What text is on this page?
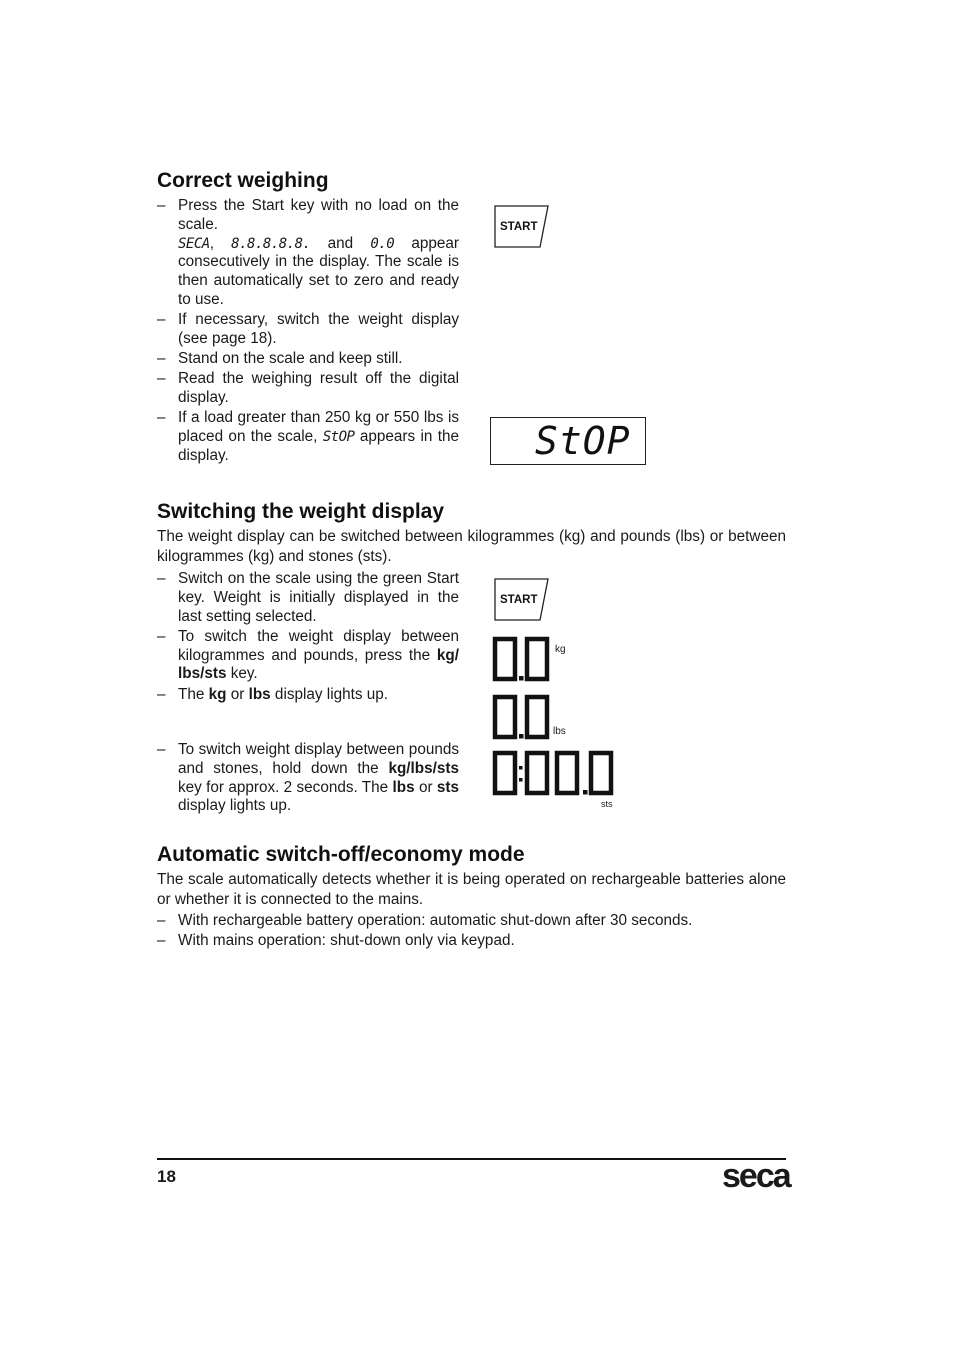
Correct weighing
– Press the Start key with no load on the scale.
SECA, 8.8.8.8.8. and 0.0 appear consecutively in the display. The scale is then automatically set to zero and ready to use.
– If necessary, switch the weight display (see page 18).
– Stand on the scale and keep still.
– Read the weighing result off the digital display.
– If a load greater than 250 kg or 550 lbs is placed on the scale, StOP appears in the display.
START
StOP
Switching the weight display
The weight display can be switched between kilogrammes (kg) and pounds (lbs) or between kilogrammes (kg) and stones (sts).
– Switch on the scale using the green Start key. Weight is initially displayed in the last setting selected.
– To switch the weight display between kilogrammes and pounds, press the kg/ lbs/sts key.
– The kg or lbs display lights up.
– To switch weight display between pounds and stones, hold down the kg/lbs/sts key for approx. 2 seconds. The lbs or sts display lights up.
START
kg
lbs
sts
Automatic switch-off/economy mode
The scale automatically detects whether it is being operated on rechargeable batteries alone or whether it is connected to the mains.
– With rechargeable battery operation: automatic shut-down after 30 seconds.
– With mains operation: shut-down only via keypad.
18	seca
